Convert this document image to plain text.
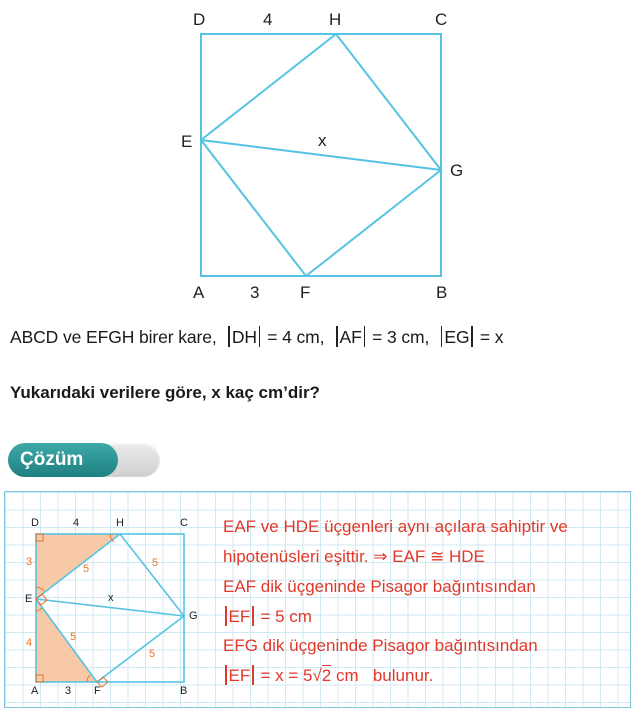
D	4	H	C
E	x
G
A	3 F	B
ABCD ve EFGH birer kare, DH = 4 cm, AF = 3 cm, EG = x
Yukarıdaki verilere göre, x kaç cm’dir?
Çözüm
D	4	H	C
3
5	5
E	x
G
4	5
5
A 3 F	B
EAF ve HDE üçgenleri aynı açılara sahiptir ve
hipotenüsleri eşittir. ⇒ EAF ≅ HDE
EAF dik üçgeninde Pisagor bağıntısından
EF = 5 cm
EFG dik üçgeninde Pisagor bağıntısından
EF = x = 5√2 cm bulunur.
